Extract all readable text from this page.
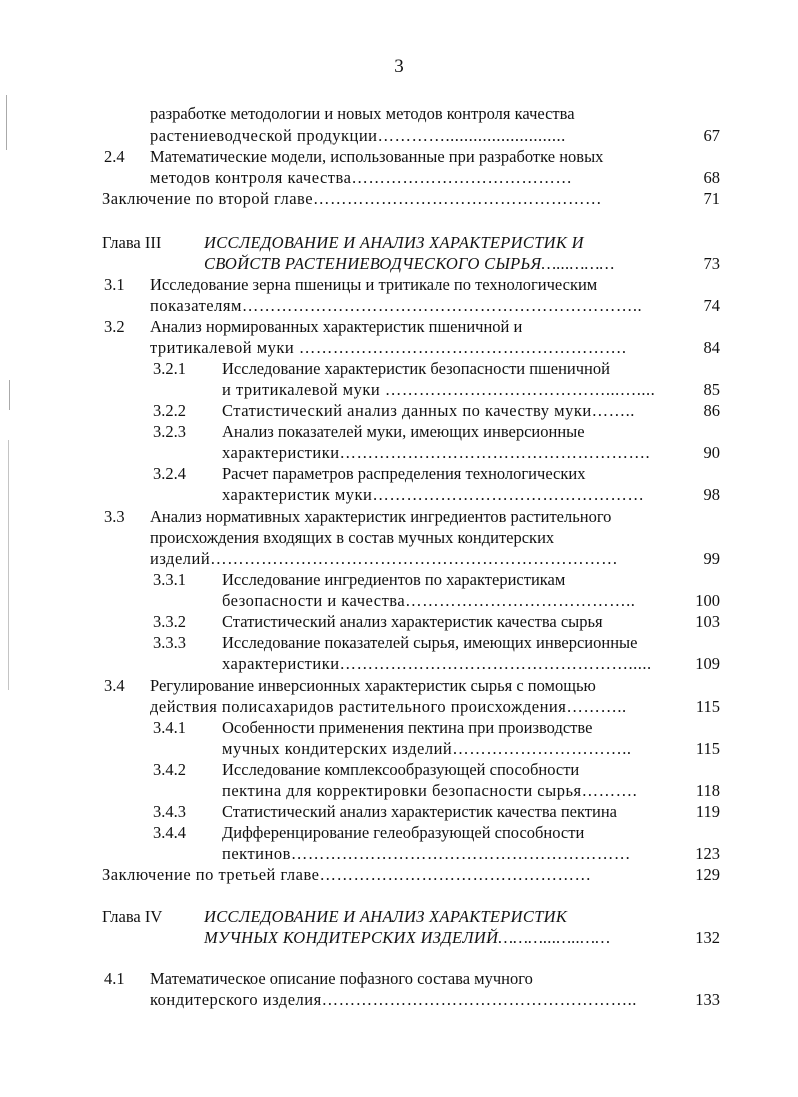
3
разработке методологии и новых методов контроля качества
растениеводческой продукции…………..........................	67
2.4 Математические модели, использованные при разработке новых
методов контроля качества…………………………………	68
Заключение по второй главе……………………………………………	71
Глава III	ИССЛЕДОВАНИЕ И АНАЛИЗ ХАРАКТЕРИСТИК И
СВОЙСТВ РАСТЕНИЕВОДЧЕСКОГО СЫРЬЯ…...………	73
3.1 Исследование зерна пшеницы и тритикале по технологическим
показателям……………………………………………………………..	74
3.2 Анализ нормированных характеристик пшеничной и
тритикалевой муки ………………………………………………….	84
3.2.1 Исследование характеристик безопасности пшеничной
и тритикалевой муки …………………………………...…....	85
3.2.2 Статистический анализ данных по качеству муки……..	86
3.2.3 Анализ показателей муки, имеющих инверсионные
характеристики……………………………………………….	90
3.2.4 Расчет параметров распределения технологических
характеристик муки…………………………………………	98
3.3 Анализ нормативных характеристик ингредиентов растительного
происхождения входящих в состав мучных кондитерских
изделий………………………………………………………………	99
3.3.1 Исследование ингредиентов по характеристикам
безопасности и качества…………………………………..	100
3.3.2 Статистический анализ характеристик качества сырья	103
3.3.3 Исследование показателей сырья, имеющих инверсионные
характеристики…………………………………………….....	109
3.4 Регулирование инверсионных характеристик сырья с помощью
действия полисахаридов растительного происхождения………..	115
3.4.1 Особенности применения пектина при производстве
мучных кондитерских изделий…………………………..	115
3.4.2 Исследование комплексообразующей способности
пектина для корректировки безопасности сырья……….	118
3.4.3 Статистический анализ характеристик качества пектина	119
3.4.4 Дифференцирование гелеобразующей способности
пектинов……………………………………………………	123
Заключение по третьей главе…………………………………………	129
Глава IV	ИССЛЕДОВАНИЕ И АНАЛИЗ ХАРАКТЕРИСТИК
МУЧНЫХ КОНДИТЕРСКИХ ИЗДЕЛИЙ………...…..……	132
4.1 Математическое описание пофазного состава мучного
кондитерского изделия………………………………………………..	133
